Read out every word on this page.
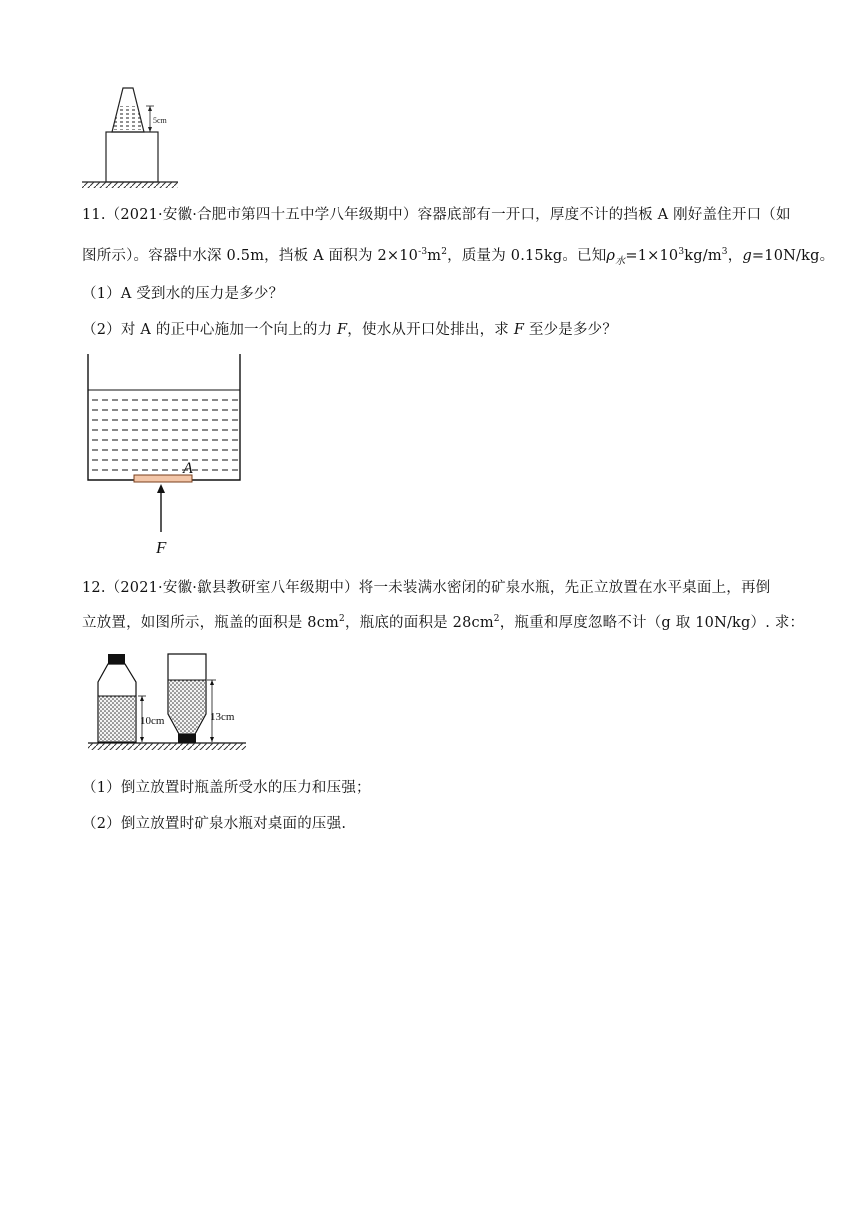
5cm
11.（2021·安徽·合肥市第四十五中学八年级期中）容器底部有一开口，厚度不计的挡板 A 刚好盖住开口（如
图所示）。容器中水深 0.5m，挡板 A 面积为 $2\times 10^{-3}m^2$，质量为 0.15kg。已知$\rho_水=1\times 10^3kg/m^3$，g=10N/kg。
（1）A 受到水的压力是多少？
（2）对 A 的正中心施加一个向上的力 F，使水从开口处排出，求 F 至少是多少？
A
F
12.（2021·安徽·歙县教研室八年级期中）将一未装满水密闭的矿泉水瓶，先正立放置在水平桌面上，再倒
立放置，如图所示，瓶盖的面积是 $8cm^2$，瓶底的面积是 $28cm^2$，瓶重和厚度忽略不计（g 取 10N/kg）. 求：
10cm	13cm
（1）倒立放置时瓶盖所受水的压力和压强；
（2）倒立放置时矿泉水瓶对桌面的压强.
